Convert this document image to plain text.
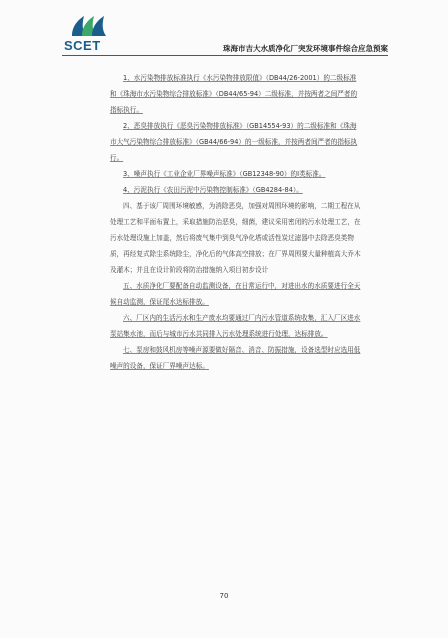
SCET	珠海市吉大水质净化厂突发环境事件综合应急预案

1、水污染物排放标准执行《水污染物排放限值》（DB44/26-2001）的二级标准和《珠海市水污染物综合排放标准》（DB44/65-94）二级标准，并按两者之间严者的指标执行。

2、恶臭排放执行《恶臭污染物排放标准》（GB14554-93）的二级标准和《珠海市大气污染物综合排放标准》（GB44/66-94）的一级标准，并按两者间严者的指标执行。

3、噪声执行《工业企业厂界噪声标准》（GB12348-90）的Ⅰ类标准。

4、污泥执行《农田污泥中污染物控制标准》（GB4284-84）。

四、基于该厂周围环境敏感，为消除恶臭，加强对周围环境的影响，二期工程在从处理工艺和平面布置上，采取措施防治恶臭，细菌，建议采用密闭的污水处理工艺，在污水处理设施上加盖，然后将废气集中到臭气净化塔或活性炭过滤器中去除恶臭类物质，再经复式除尘系统除尘，净化后的气体高空排放；在厂界周围要大量种植高大乔木及灌木；并且在设计阶段将防治措施纳入项目初步设计

五、水质净化厂要配备自动监测设备，在日常运行中，对进出水的水质要进行全天候自动监测，保证尾水达标排放。

六、厂区内的生活污水和生产废水均要通过厂内污水管道系统收集，汇入厂区进水泵站集水池，而后与城市污水共同排入污水处理系统进行处理，达标排放。

七、泵房和鼓风机房等噪声源要做好隔音、消音、防振措施，设备选型时应选用低噪声的设备，保证厂界噪声达标。

70
